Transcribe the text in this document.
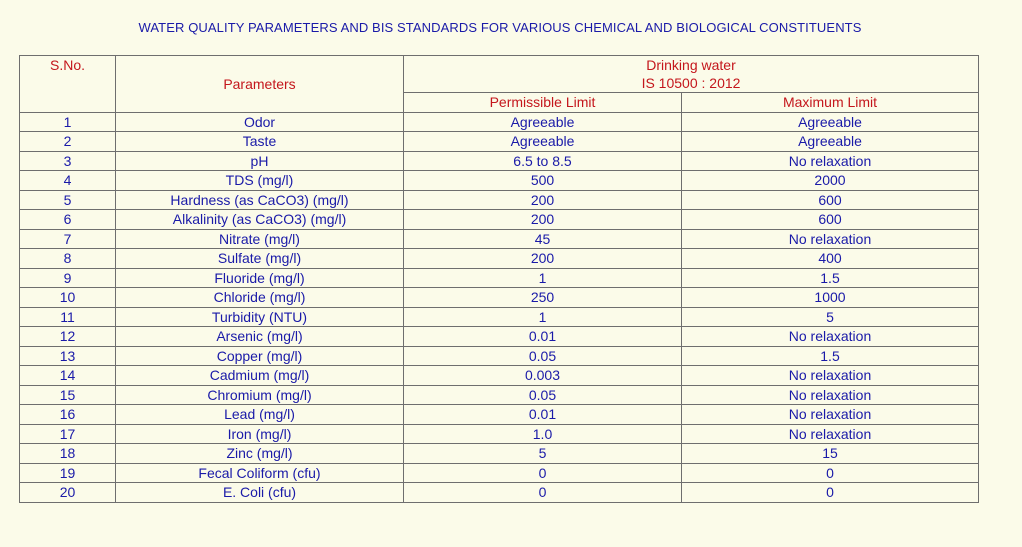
WATER QUALITY PARAMETERS AND BIS STANDARDS FOR VARIOUS CHEMICAL AND BIOLOGICAL CONSTITUENTS
S.No.	Parameters	Drinking water
IS 10500 : 2012	

		Permissible Limit	Maximum Limit
1	Odor	Agreeable	Agreeable
2	Taste	Agreeable	Agreeable
3	pH	6.5 to 8.5	No relaxation
4	TDS (mg/l)	500	2000
5	Hardness (as CaCO3) (mg/l)	200	600
6	Alkalinity (as CaCO3) (mg/l)	200	600
7	Nitrate (mg/l)	45	No relaxation
8	Sulfate (mg/l)	200	400
9	Fluoride (mg/l)	1	1.5
10	Chloride (mg/l)	250	1000
11	Turbidity (NTU)	1	5
12	Arsenic (mg/l)	0.01	No relaxation
13	Copper (mg/l)	0.05	1.5
14	Cadmium (mg/l)	0.003	No relaxation
15	Chromium (mg/l)	0.05	No relaxation
16	Lead (mg/l)	0.01	No relaxation
17	Iron (mg/l)	1.0	No relaxation
18	Zinc (mg/l)	5	15
19	Fecal Coliform (cfu)	0	0
20	E. Coli (cfu)	0	0
